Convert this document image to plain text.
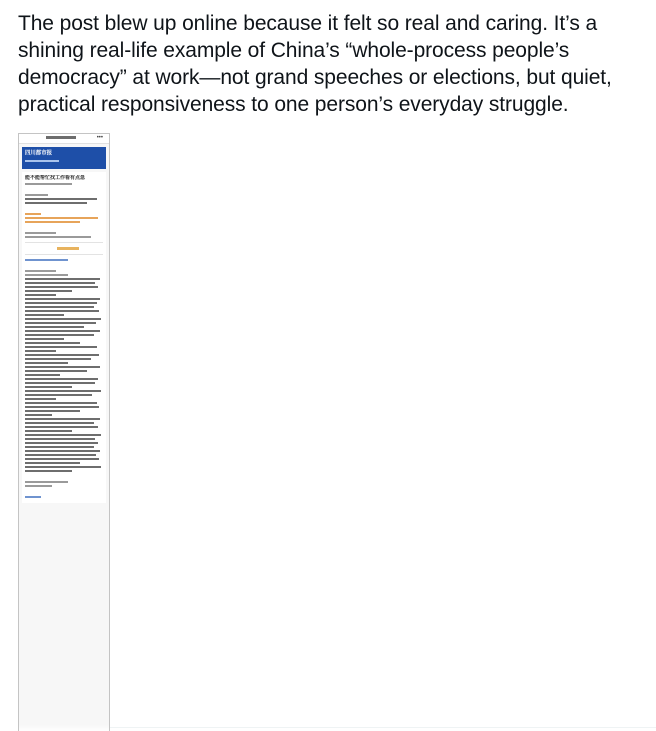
The post blew up online because it felt so real and caring. It’s a shining real-life example of China’s “whole-process people’s democracy” at work—not grand speeches or elections, but quiet, practical responsiveness to one person’s everyday struggle.

•••
四川都市报
能不能帮忙找工作看有点急
